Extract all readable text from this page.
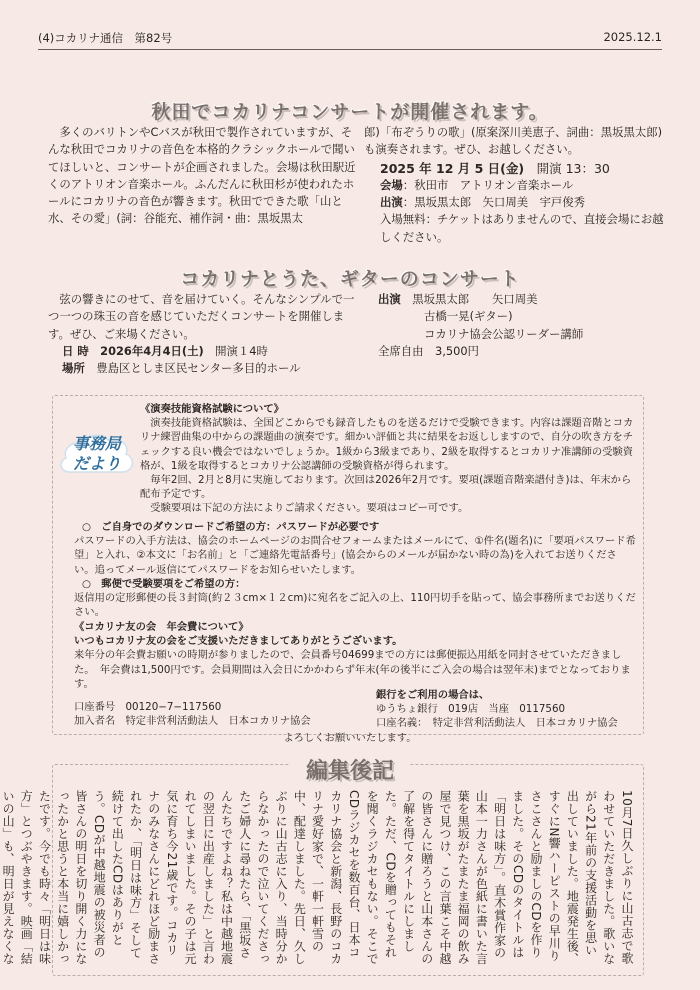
(4)コカリナ通信　第82号	2025.12.1
秋田でコカリナコンサートが開催されます。

多くのバリトンやCバスが秋田で製作されていますが、そんな秋田でコカリナの音色を本格的クラシックホールで聞いてほしいと、コンサートが企画されました。会場は秋田駅近くのアトリオン音楽ホール。ふんだんに秋田杉が使われたホールにコカリナの音色が響きます。秋田でできた歌「山と水、その愛」(詞：谷能充、補作詞・曲：黒坂黒太

郎)「布ぞうりの歌」(原案深川美恵子、詞曲：黒坂黒太郎)も演奏されます。ぜひ、お越しください。

2025 年 12 月 5 日(金)　 開演 13：30

会場：秋田市　アトリオン音楽ホール

出演：黒坂黒太郎　矢口周美　宇戸俊秀

入場無料：チケットはありませんので、直接会場にお越しください。

コカリナとうた、ギターのコンサート

弦の響きにのせて、音を届けていく。そんなシンプルで一つ一つの珠玉の音を感じていただくコンサートを開催します。ぜひ、ご来場ください。

日 時　 2026年4月4日(土)　 開演１4時

場所　 豊島区としま区民センター多目的ホール

出演　 黒坂黒太郎　　矢口周美

古橋一晃(ギター)

コカリナ協会公認リーダー講師

全席自由　3,500円

事務局
だより

《演奏技能資格試験について》

演奏技能資格試験は、全国どこからでも録音したものを送るだけで受験できます。内容は課題音階とコカリナ練習曲集の中からの課題曲の演奏です。細かい評価と共に結果をお返ししますので、自分の吹き方をチェックする良い機会ではないでしょうか。1級から3級まであり、2級を取得するとコカリナ准講師の受験資格が、1級を取得するとコカリナ公認講師の受験資格が得られます。

毎年2回、2月と8月に実施しております。次回は2026年2月です。要項(課題音階楽譜付き)は、年末から配布予定です。

受験要項は下記の方法によりご請求ください。要項はコピー可です。

○　ご自身でのダウンロードご希望の方：パスワードが必要です

パスワードの入手方法は、協会のホームページのお問合せフォームまたはメールにて、①件名(題名)に「要項パスワード希望」と入れ、②本文に「お名前」と「ご連絡先電話番号」(協会からのメールが届かない時の為)を入れてお送りください。追ってメール返信にてパスワードをお知らせいたします。

○　郵便で受験要項をご希望の方：

返信用の定形郵便の長３封筒(約２３cm×１２cm)に宛名をご記入の上、110円切手を貼って、協会事務所までお送りください。

《コカリナ友の会　年会費について》

いつもコカリナ友の会をご支援いただきましてありがとうございます。

来年分の年会費お願いの時期が参りましたので、会員番号04699までの方には郵便振込用紙を同封させていただきました。　年会費は1,500円です。会員期間は入会日にかかわらず年末(年の後半にご入会の場合は翌年末)までとなっております。

銀行をご利用の場合は、
ゆうちょ銀行　019店　当座　0117560
口座名義：　特定非営利活動法人　日本コカリナ協会
口座番号　00120−7−117560
加入者名　特定非営利活動法人　日本コカリナ協会
よろしくお願いいたします。
編集後記

10月7日久しぶりに山古志で歌わせていただきました。歌いながら21年前の支援活動を思い出していました。地震発生後、すぐにN響ハーピストの早川りさこさんと励ましのCDを作りました。そのCDのタイトルは「明日は味方」。直木賞作家の山本一力さんが色紙に書いた言葉を黒坂がたまたま福岡の飲み屋で見つけ、この言葉こそ中越の皆さんに贈ろうと山本さんの了解を得てタイトルにしました。ただ、CDを贈ってもそれを聞くラジカセもない。そこでCDラジカセを数百台、日本コカリナ協会と新潟、長野のコカリナ愛好家で、一軒一軒雪の中、配達しました。先日、久しぶりに山古志に入り、当時分からなかったので泣いてくださったご婦人に尋ねたら、「黒坂さんたちですよね？私は中越地震の翌日に出産しました」と言われてしまいました。その子は元気に育ち今21歳です。コカリナのみなさんにどれほど励まされたか、「明日は味方」そして続けて出したCDはありがとう。CDが中越地震の被災者の皆さんの明日を切り開く力になったかと思うと本当に嬉しかったです。今でも時々「明日は味方」とつぶやきます。映画「結いの山」も、明日が見えなくな
